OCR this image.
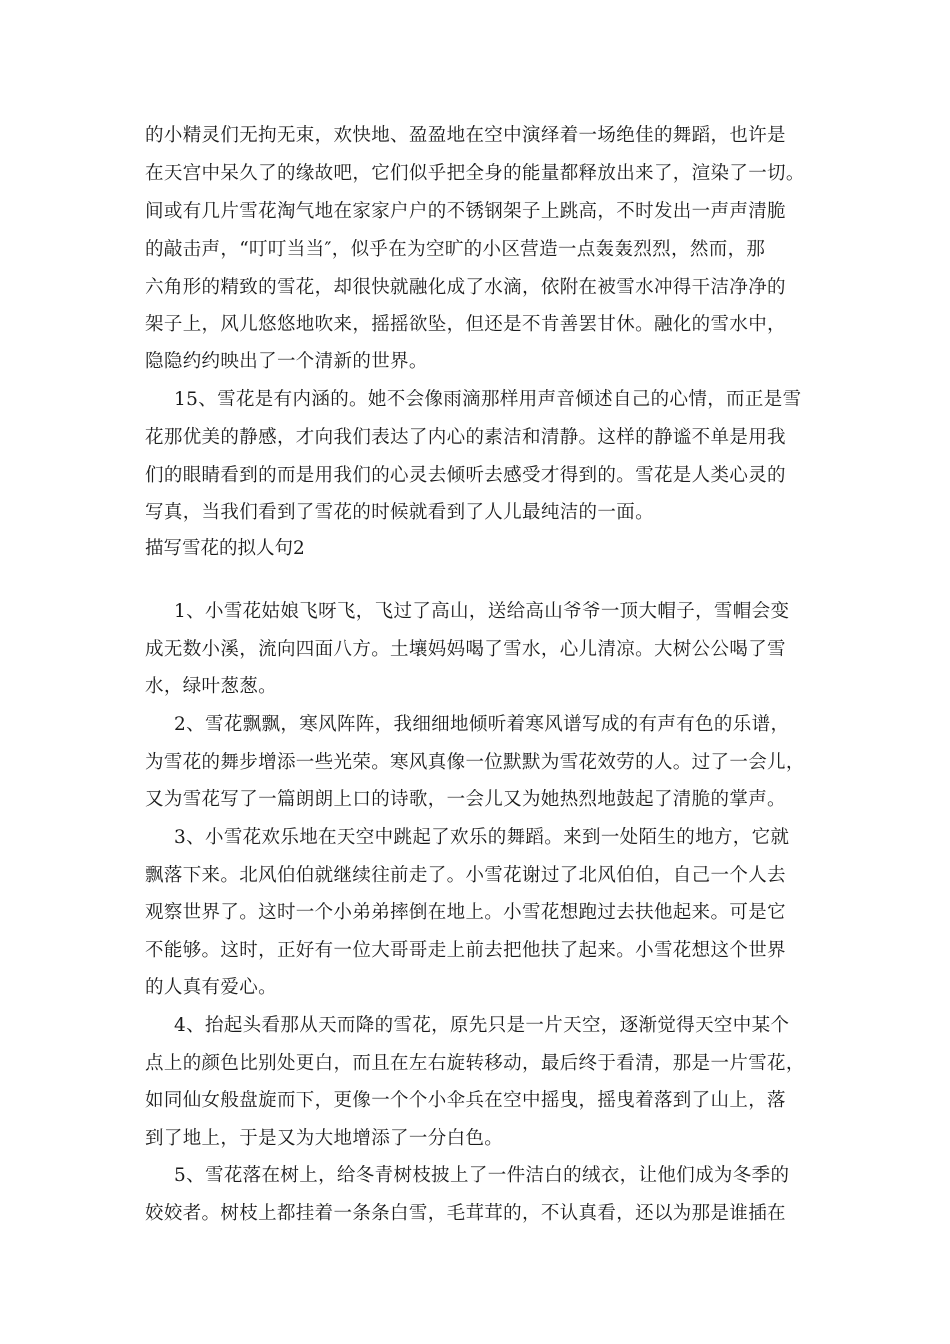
的小精灵们无拘无束，欢快地、盈盈地在空中演绎着一场绝佳的舞蹈，也许是
在天宫中呆久了的缘故吧，它们似乎把全身的能量都释放出来了，渲染了一切。
间或有几片雪花淘气地在家家户户的不锈钢架子上跳高，不时发出一声声清脆
的敲击声，“叮叮当当″，似乎在为空旷的小区营造一点轰轰烈烈，然而，那
六角形的精致的雪花，却很快就融化成了水滴，依附在被雪水冲得干洁净净的
架子上，风儿悠悠地吹来，摇摇欲坠，但还是不肯善罢甘休。融化的雪水中，
隐隐约约映出了一个清新的世界。
15、雪花是有内涵的。她不会像雨滴那样用声音倾述自己的心情，而正是雪
花那优美的静感，才向我们表达了内心的素洁和清静。这样的静谧不单是用我
们的眼睛看到的而是用我们的心灵去倾听去感受才得到的。雪花是人类心灵的
写真，当我们看到了雪花的时候就看到了人儿最纯洁的一面。
描写雪花的拟人句2
1、小雪花姑娘飞呀飞，飞过了高山，送给高山爷爷一顶大帽子，雪帽会变
成无数小溪，流向四面八方。土壤妈妈喝了雪水，心儿清凉。大树公公喝了雪
水，绿叶葱葱。
2、雪花飘飘，寒风阵阵，我细细地倾听着寒风谱写成的有声有色的乐谱，
为雪花的舞步增添一些光荣。寒风真像一位默默为雪花效劳的人。过了一会儿，
又为雪花写了一篇朗朗上口的诗歌，一会儿又为她热烈地鼓起了清脆的掌声。
3、小雪花欢乐地在天空中跳起了欢乐的舞蹈。来到一处陌生的地方，它就
飘落下来。北风伯伯就继续往前走了。小雪花谢过了北风伯伯，自己一个人去
观察世界了。这时一个小弟弟摔倒在地上。小雪花想跑过去扶他起来。可是它
不能够。这时，正好有一位大哥哥走上前去把他扶了起来。小雪花想这个世界
的人真有爱心。
4、抬起头看那从天而降的雪花，原先只是一片天空，逐渐觉得天空中某个
点上的颜色比别处更白，而且在左右旋转移动，最后终于看清，那是一片雪花，
如同仙女般盘旋而下，更像一个个小伞兵在空中摇曳，摇曳着落到了山上，落
到了地上，于是又为大地增添了一分白色。
5、雪花落在树上，给冬青树枝披上了一件洁白的绒衣，让他们成为冬季的
姣姣者。树枝上都挂着一条条白雪，毛茸茸的，不认真看，还以为那是谁插在
